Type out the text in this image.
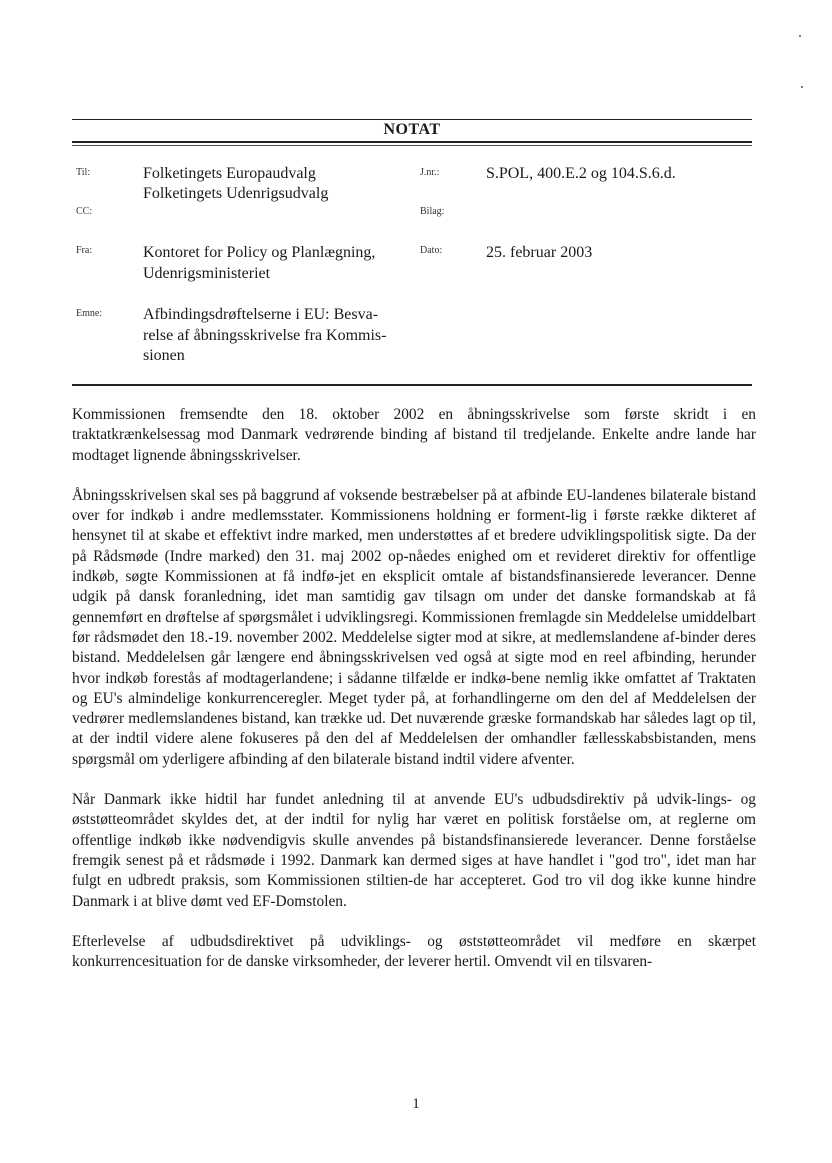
NOTAT
Til:	Folketingets Europaudvalg
Folketingets Udenrigsudvalg
CC:
J.nr.:	S.POL, 400.E.2 og 104.S.6.d.
Bilag:
Fra:	Kontoret for Policy og Planlægning,
Udenrigsministeriet
Dato:	25. februar 2003
Emne:	Afbindingsdrøftelserne i EU: Besva-
relse af åbningsskrivelse fra Kommis-
sionen

Kommissionen fremsendte den 18. oktober 2002 en åbningsskrivelse som første skridt i en traktatkrænkelsessag mod Danmark vedrørende binding af bistand til tredjelande. Enkelte andre lande har modtaget lignende åbningsskrivelser.

Åbningsskrivelsen skal ses på baggrund af voksende bestræbelser på at afbinde EU-landenes bilaterale bistand over for indkøb i andre medlemsstater. Kommissionens holdning er forment-lig i første række dikteret af hensynet til at skabe et effektivt indre marked, men understøttes af et bredere udviklingspolitisk sigte. Da der på Rådsmøde (Indre marked) den 31. maj 2002 op-nåedes enighed om et revideret direktiv for offentlige indkøb, søgte Kommissionen at få indfø-jet en eksplicit omtale af bistandsfinansierede leverancer. Denne udgik på dansk foranledning, idet man samtidig gav tilsagn om under det danske formandskab at få gennemført en drøftelse af spørgsmålet i udviklingsregi. Kommissionen fremlagde sin Meddelelse umiddelbart før rådsmødet den 18.-19. november 2002. Meddelelse sigter mod at sikre, at medlemslandene af-binder deres bistand. Meddelelsen går længere end åbningsskrivelsen ved også at sigte mod en reel afbinding, herunder hvor indkøb forestås af modtagerlandene; i sådanne tilfælde er indkø-bene nemlig ikke omfattet af Traktaten og EU's almindelige konkurrenceregler. Meget tyder på, at forhandlingerne om den del af Meddelelsen der vedrører medlemslandenes bistand, kan trække ud. Det nuværende græske formandskab har således lagt op til, at der indtil videre alene fokuseres på den del af Meddelelsen der omhandler fællesskabsbistanden, mens spørgsmål om yderligere afbinding af den bilaterale bistand indtil videre afventer.

Når Danmark ikke hidtil har fundet anledning til at anvende EU's udbudsdirektiv på udvik-lings- og øststøtteområdet skyldes det, at der indtil for nylig har været en politisk forståelse om, at reglerne om offentlige indkøb ikke nødvendigvis skulle anvendes på bistandsfinansierede leverancer. Denne forståelse fremgik senest på et rådsmøde i 1992. Danmark kan dermed siges at have handlet i "god tro", idet man har fulgt en udbredt praksis, som Kommissionen stiltien-de har accepteret. God tro vil dog ikke kunne hindre Danmark i at blive dømt ved EF-Domstolen.

Efterlevelse af udbudsdirektivet på udviklings- og øststøtteområdet vil medføre en skærpet konkurrencesituation for de danske virksomheder, der leverer hertil. Omvendt vil en tilsvaren-

1
